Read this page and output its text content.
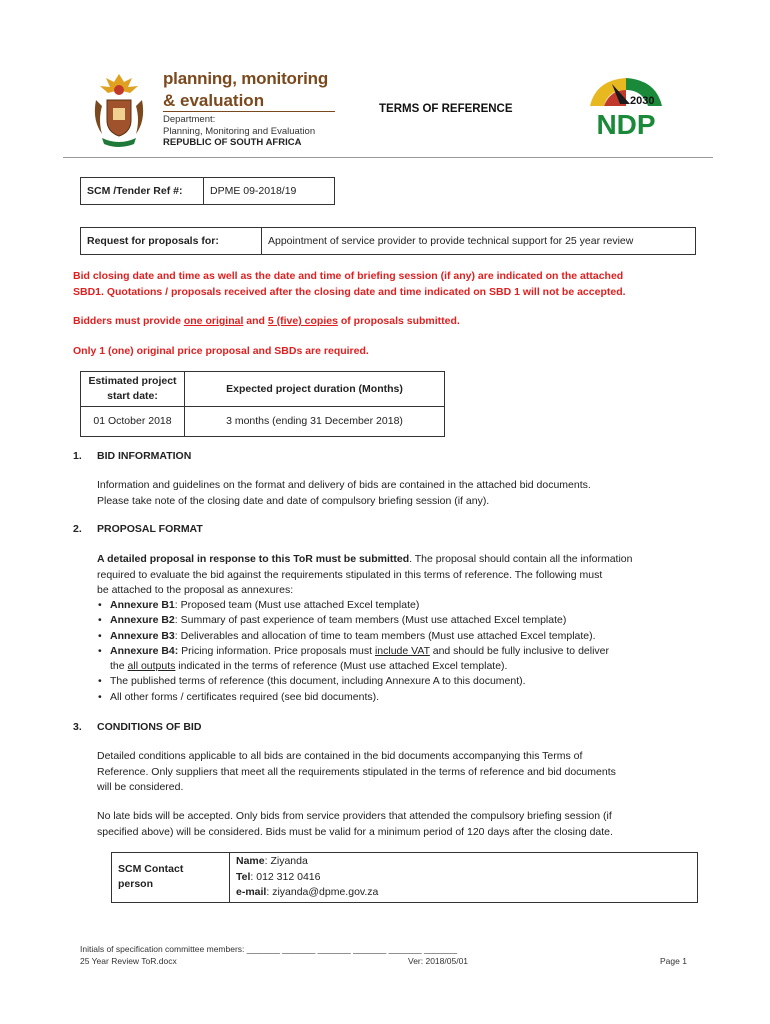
planning, monitoring
& evaluation
Department:
Planning, Monitoring and Evaluation
REPUBLIC OF SOUTH AFRICA
TERMS OF REFERENCE
2030
NDP
SCM /Tender Ref #:	DPME 09-2018/19
Request for proposals for:	Appointment of service provider to provide technical support for 25 year review
Bid closing date and time as well as the date and time of briefing session (if any) are indicated on the attached
SBD1. Quotations / proposals received after the closing date and time indicated on SBD 1 will not be accepted.
Bidders must provide one original and 5 (five) copies of proposals submitted.
Only 1 (one) original price proposal and SBDs are required.
Estimated project
start date:	Expected project duration (Months)
01 October 2018	3 months (ending 31 December 2018)
1. BID INFORMATION
Information and guidelines on the format and delivery of bids are contained in the attached bid documents.
Please take note of the closing date and date of compulsory briefing session (if any).
2. PROPOSAL FORMAT
A detailed proposal in response to this ToR must be submitted. The proposal should contain all the information
required to evaluate the bid against the requirements stipulated in this terms of reference. The following must
be attached to the proposal as annexures:
• Annexure B1: Proposed team (Must use attached Excel template)
• Annexure B2: Summary of past experience of team members (Must use attached Excel template)
• Annexure B3: Deliverables and allocation of time to team members (Must use attached Excel template).
• Annexure B4: Pricing information. Price proposals must include VAT and should be fully inclusive to deliver
the all outputs indicated in the terms of reference (Must use attached Excel template).
• The published terms of reference (this document, including Annexure A to this document).
• All other forms / certificates required (see bid documents).
3. CONDITIONS OF BID
Detailed conditions applicable to all bids are contained in the bid documents accompanying this Terms of
Reference. Only suppliers that meet all the requirements stipulated in the terms of reference and bid documents
will be considered.
No late bids will be accepted. Only bids from service providers that attended the compulsory briefing session (if
specified above) will be considered. Bids must be valid for a minimum period of 120 days after the closing date.
SCM Contact
person

Name: Ziyanda
Tel: 012 312 0416
e-mail: ziyanda@dpme.gov.za
Initials of specification committee members: _______ _______ _______ _______ _______ _______
25 Year Review ToR.docx	Ver: 2018/05/01	Page 1
